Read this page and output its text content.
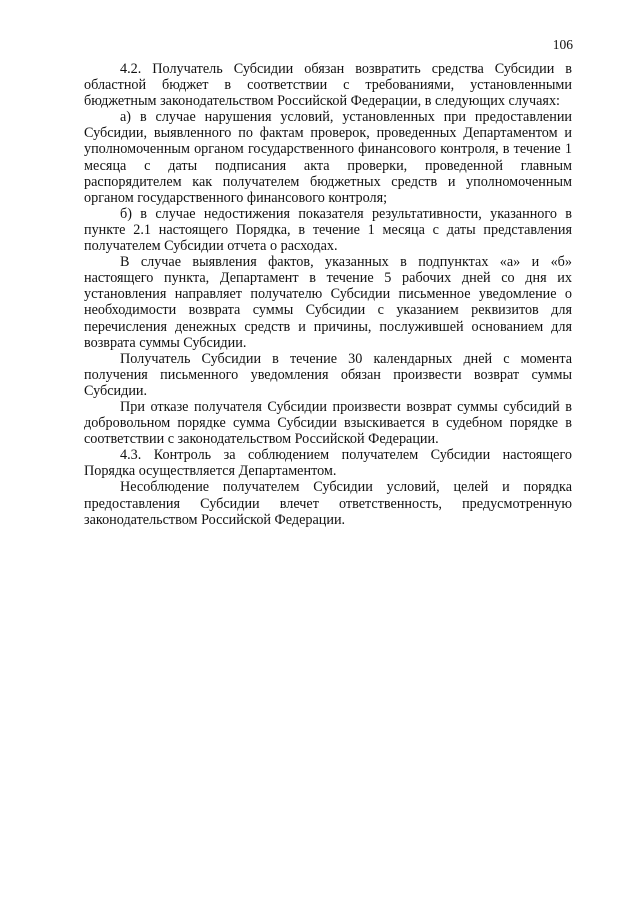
106

4.2. Получатель Субсидии обязан возвратить средства Субсидии в областной бюджет в соответствии с требованиями, установленными бюджетным законодательством Российской Федерации, в следующих случаях:

а) в случае нарушения условий, установленных при предоставлении Субсидии, выявленного по фактам проверок, проведенных Департаментом и уполномоченным органом государственного финансового контроля, в течение 1 месяца с даты подписания акта проверки, проведенной главным распорядителем как получателем бюджетных средств и уполномоченным органом государственного финансового контроля;

б) в случае недостижения показателя результативности, указанного в пункте 2.1 настоящего Порядка, в течение 1 месяца с даты представления получателем Субсидии отчета о расходах.

В случае выявления фактов, указанных в подпунктах «а» и «б» настоящего пункта, Департамент в течение 5 рабочих дней со дня их установления направляет получателю Субсидии письменное уведомление о необходимости возврата суммы Субсидии с указанием реквизитов для перечисления денежных средств и причины, послужившей основанием для возврата суммы Субсидии.

Получатель Субсидии в течение 30 календарных дней с момента получения письменного уведомления обязан произвести возврат суммы Субсидии.

При отказе получателя Субсидии произвести возврат суммы субсидий в добровольном порядке сумма Субсидии взыскивается в судебном порядке в соответствии с законодательством Российской Федерации.

4.3. Контроль за соблюдением получателем Субсидии настоящего Порядка осуществляется Департаментом.

Несоблюдение получателем Субсидии условий, целей и порядка предоставления Субсидии влечет ответственность, предусмотренную законодательством Российской Федерации.
